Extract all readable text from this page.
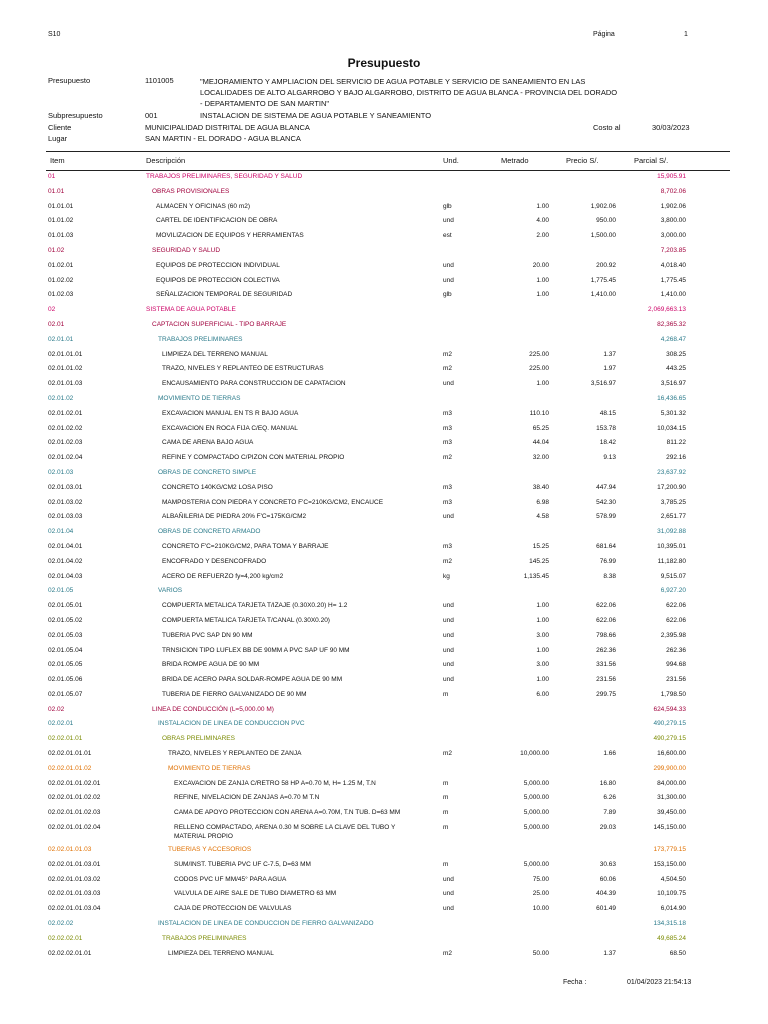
S10	Página	1
Presupuesto
Presupuesto	1101005	"MEJORAMIENTO Y AMPLIACION DEL SERVICIO DE AGUA POTABLE Y SERVICIO DE SANEAMIENTO EN LAS LOCALIDADES DE ALTO ALGARROBO Y BAJO ALGARROBO, DISTRITO DE AGUA BLANCA - PROVINCIA DEL DORADO - DEPARTAMENTO DE SAN MARTIN"
Subpresupuesto	001	INSTALACION DE SISTEMA DE AGUA POTABLE Y SANEAMIENTO
Cliente	MUNICIPALIDAD DISTRITAL DE AGUA BLANCA	Costo al	30/03/2023
Lugar	SAN MARTIN - EL DORADO - AGUA BLANCA
Item	Descripción	Und.	Metrado	Precio S/.	Parcial S/.
01	TRABAJOS PRELIMINARES, SEGURIDAD Y SALUD	15,905.91
01.01	OBRAS PROVISIONALES	8,702.06
01.01.01	ALMACEN Y OFICINAS (60 m2)	glb	1.00	1,902.06	1,902.06
01.01.02	CARTEL DE IDENTIFICACION DE OBRA	und	4.00	950.00	3,800.00
01.01.03	MOVILIZACION DE EQUIPOS Y HERRAMIENTAS	est	2.00	1,500.00	3,000.00
01.02	SEGURIDAD Y SALUD	7,203.85
01.02.01	EQUIPOS DE PROTECCION INDIVIDUAL	und	20.00	200.92	4,018.40
01.02.02	EQUIPOS DE PROTECCION COLECTIVA	und	1.00	1,775.45	1,775.45
01.02.03	SEÑALIZACION TEMPORAL DE SEGURIDAD	glb	1.00	1,410.00	1,410.00
02	SISTEMA DE AGUA POTABLE	2,069,663.13
02.01	CAPTACION SUPERFICIAL - TIPO BARRAJE	82,365.32
02.01.01	TRABAJOS PRELIMINARES	4,268.47
02.01.01.01	LIMPIEZA DEL TERRENO MANUAL	m2	225.00	1.37	308.25
02.01.01.02	TRAZO, NIVELES Y REPLANTEO DE ESTRUCTURAS	m2	225.00	1.97	443.25
02.01.01.03	ENCAUSAMIENTO PARA CONSTRUCCION DE CAPATACION	und	1.00	3,516.97	3,516.97
02.01.02	MOVIMIENTO DE TIERRAS	16,436.65
02.01.02.01	EXCAVACION MANUAL EN TS R BAJO AGUA	m3	110.10	48.15	5,301.32
02.01.02.02	EXCAVACION EN ROCA FIJA C/EQ. MANUAL	m3	65.25	153.78	10,034.15
02.01.02.03	CAMA DE ARENA BAJO AGUA	m3	44.04	18.42	811.22
02.01.02.04	REFINE Y COMPACTADO C/PIZON CON MATERIAL PROPIO	m2	32.00	9.13	292.16
02.01.03	OBRAS DE CONCRETO SIMPLE	23,637.92
02.01.03.01	CONCRETO 140KG/CM2 LOSA PISO	m3	38.40	447.94	17,200.90
02.01.03.02	MAMPOSTERIA CON PIEDRA Y CONCRETO F'C=210KG/CM2, ENCAUCE	m3	6.98	542.30	3,785.25
02.01.03.03	ALBAÑILERIA DE PIEDRA 20% F'C=175KG/CM2	und	4.58	578.99	2,651.77
02.01.04	OBRAS DE CONCRETO ARMADO	31,092.88
02.01.04.01	CONCRETO F'C=210KG/CM2, PARA TOMA Y BARRAJE	m3	15.25	681.64	10,395.01
02.01.04.02	ENCOFRADO Y DESENCOFRADO	m2	145.25	76.99	11,182.80
02.01.04.03	ACERO DE REFUERZO fy=4,200 kg/cm2	kg	1,135.45	8.38	9,515.07
02.01.05	VARIOS	6,927.20
02.01.05.01	COMPUERTA METALICA TARJETA T/IZAJE (0.30X0.20) H= 1.2	und	1.00	622.06	622.06
02.01.05.02	COMPUERTA METALICA TARJETA T/CANAL (0.30X0.20)	und	1.00	622.06	622.06
02.01.05.03	TUBERIA PVC SAP DN 90 MM	und	3.00	798.66	2,395.98
02.01.05.04	TRNSICION TIPO LUFLEX BB DE 90MM A PVC SAP UF 90 MM	und	1.00	262.36	262.36
02.01.05.05	BRIDA ROMPE AGUA DE 90 MM	und	3.00	331.56	994.68
02.01.05.06	BRIDA DE ACERO PARA SOLDAR-ROMPE AGUA DE 90 MM	und	1.00	231.56	231.56
02.01.05.07	TUBERIA DE FIERRO GALVANIZADO DE 90 MM	m	6.00	299.75	1,798.50
02.02	LINEA DE CONDUCCIÓN (L=5,000.00 M)	624,594.33
02.02.01	INSTALACION DE LINEA DE CONDUCCION PVC	490,279.15
02.02.01.01	OBRAS PRELIMINARES	490,279.15
02.02.01.01.01	TRAZO, NIVELES Y REPLANTEO DE ZANJA	m2	10,000.00	1.66	16,600.00
02.02.01.01.02	MOVIMIENTO DE TIERRAS	299,900.00
02.02.01.01.02.01	EXCAVACION DE ZANJA C/RETRO 58 HP A=0.70 M, H= 1.25 M, T.N	m	5,000.00	16.80	84,000.00
02.02.01.01.02.02	REFINE, NIVELACION DE ZANJAS A=0.70 M T.N	m	5,000.00	6.26	31,300.00
02.02.01.01.02.03	CAMA DE APOYO PROTECCION CON ARENA A=0.70M, T.N TUB. D=63 MM	m	5,000.00	7.89	39,450.00
02.02.01.01.02.04	RELLENO COMPACTADO, ARENA 0.30 M SOBRE LA CLAVE DEL TUBO Y MATERIAL PROPIO
m	5,000.00	29.03	145,150.00
02.02.01.01.03	TUBERIAS Y ACCESORIOS	173,779.15
02.02.01.01.03.01	SUM/INST. TUBERIA PVC UF C-7.5, D=63 MM	m	5,000.00	30.63	153,150.00
02.02.01.01.03.02	CODOS PVC UF MM/45° PARA AGUA	und	75.00	60.06	4,504.50
02.02.01.01.03.03	VALVULA DE AIRE SALE DE TUBO DIAMETRO 63 MM	und	25.00	404.39	10,109.75
02.02.01.01.03.04	CAJA DE PROTECCION DE VALVULAS	und	10.00	601.49	6,014.90
02.02.02	INSTALACION DE LINEA DE CONDUCCION DE FIERRO GALVANIZADO	134,315.18
02.02.02.01	TRABAJOS PRELIMINARES	49,685.24
02.02.02.01.01	LIMPIEZA DEL TERRENO MANUAL	m2	50.00	1.37	68.50
Fecha :	01/04/2023 21:54:13
